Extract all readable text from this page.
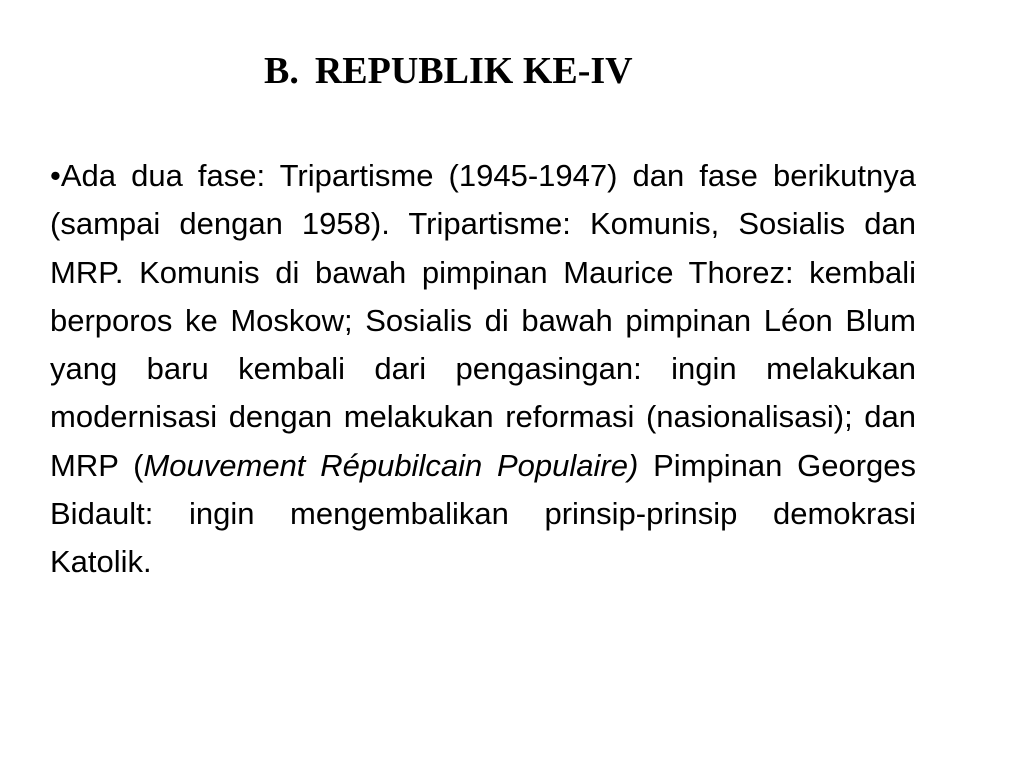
B. REPUBLIK KE-IV

•Ada dua fase: Tripartisme (1945-1947) dan fase berikutnya (sampai dengan 1958). Tripartisme: Komunis, Sosialis dan MRP. Komunis di bawah pimpinan Maurice Thorez: kembali berporos ke Moskow; Sosialis di bawah pimpinan Léon Blum yang baru kembali dari pengasingan: ingin melakukan modernisasi dengan melakukan reformasi (nasionalisasi); dan MRP (Mouvement Répubilcain Populaire) Pimpinan Georges Bidault: ingin mengembalikan prinsip-prinsip demokrasi Katolik.
